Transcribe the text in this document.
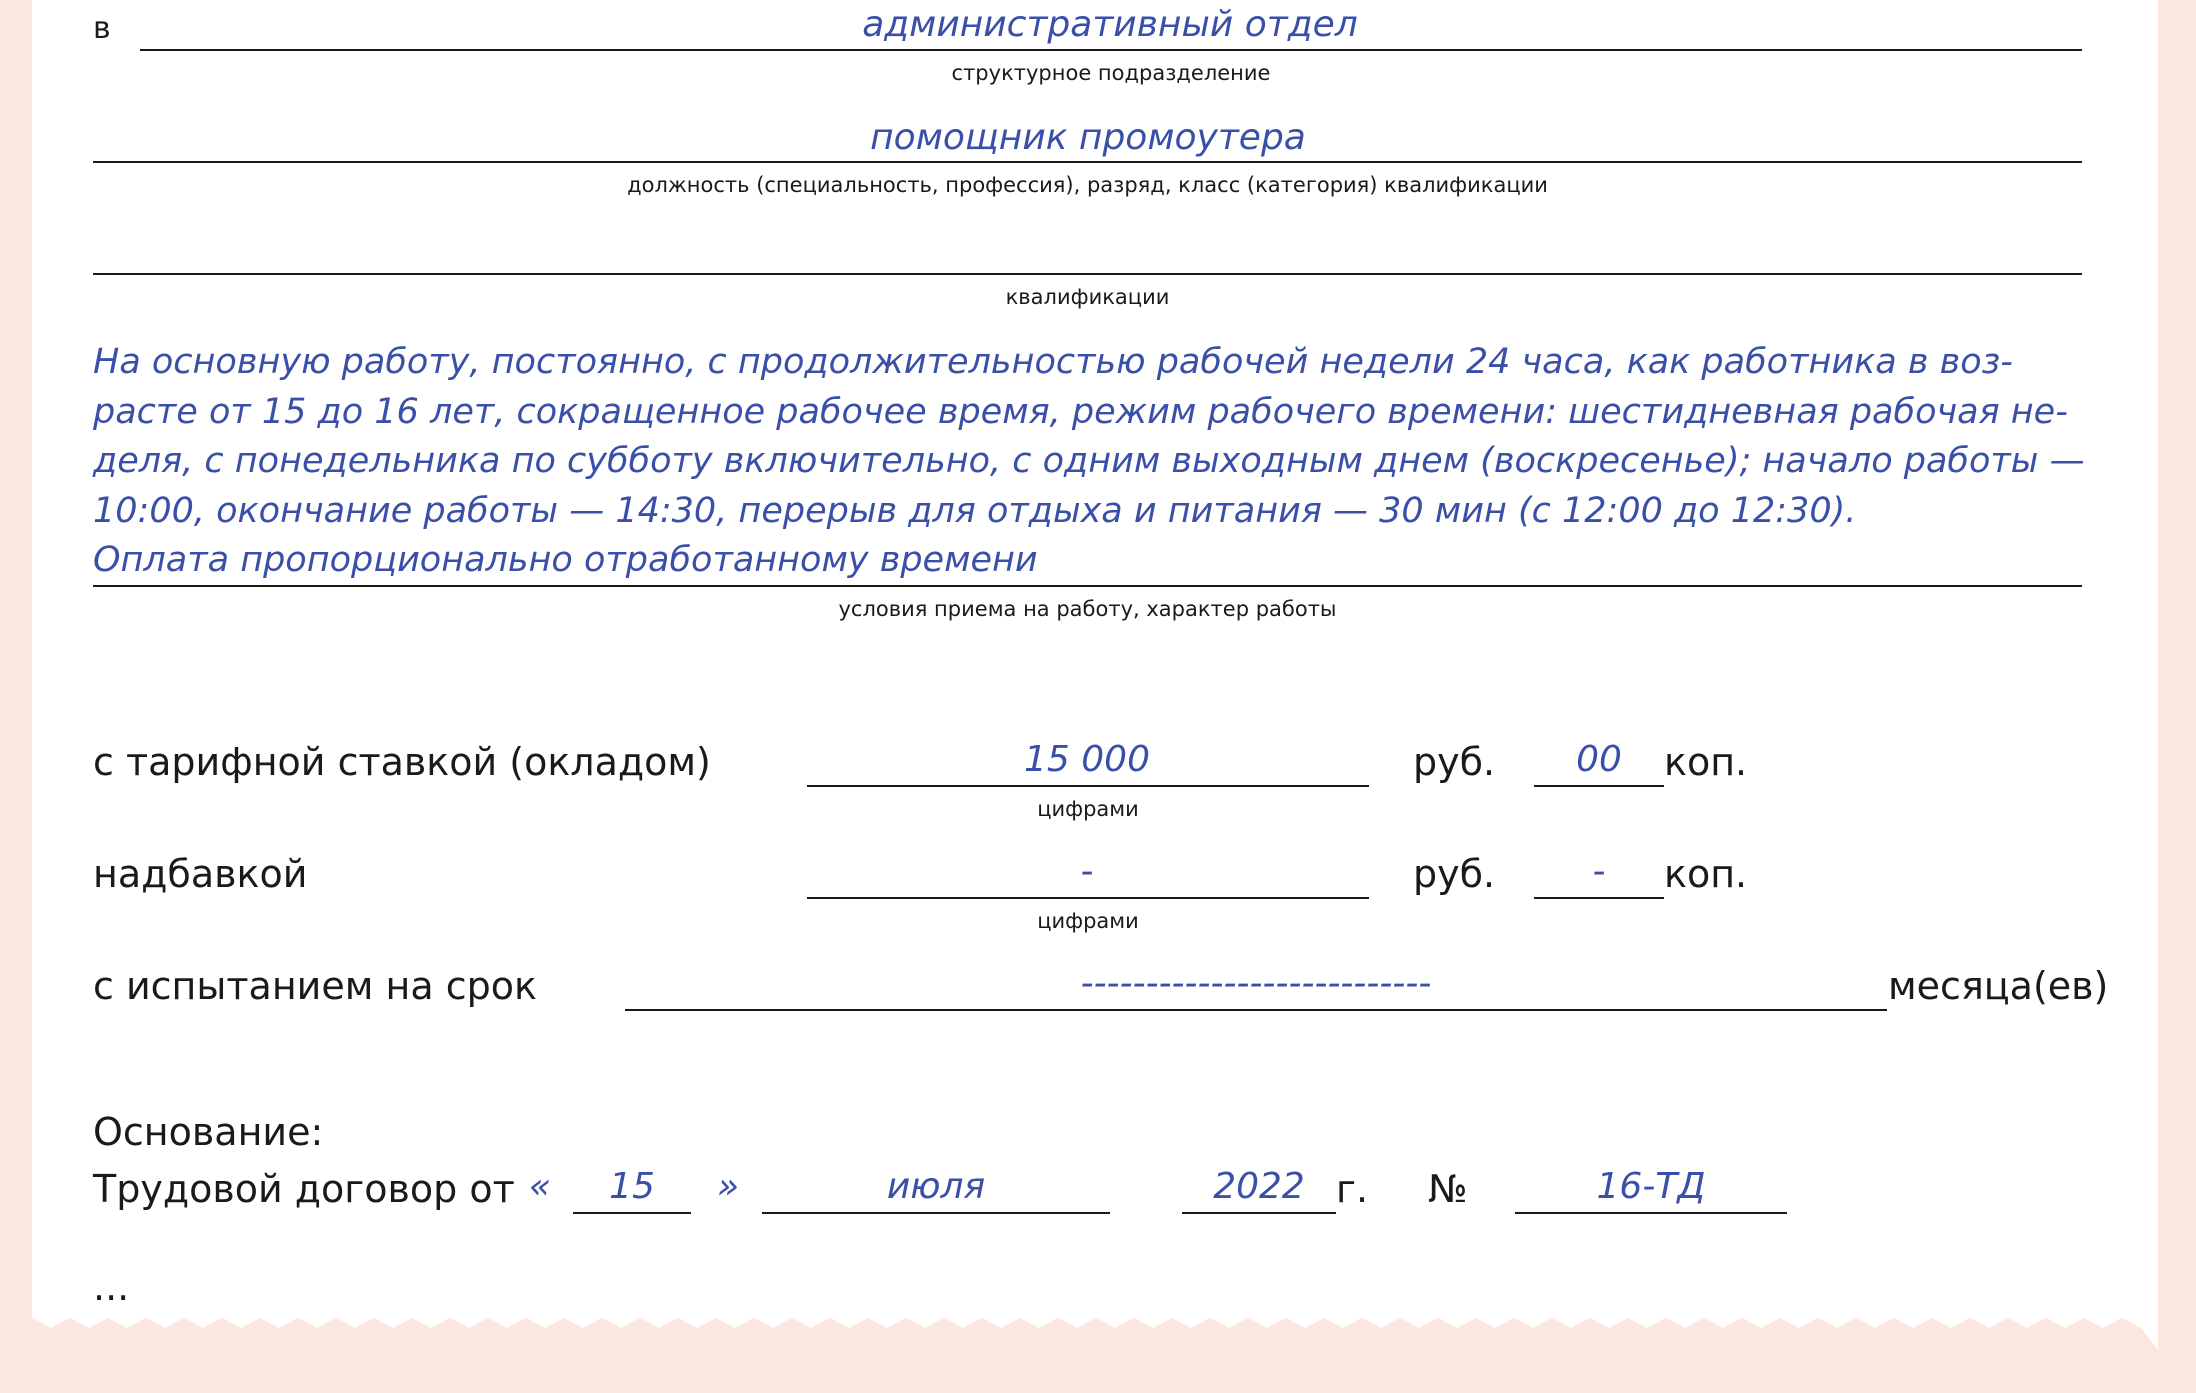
в	административный отдел
структурное подразделение
помощник промоутера
должность (специальность, профессия), разряд, класс (категория) квалификации
квалификации
На основную работу, постоянно, с продолжительностью рабочей недели 24 часа, как работника в воз-
расте от 15 до 16 лет, сокращенное рабочее время, режим рабочего времени: шестидневная рабочая не-
деля, с понедельника по субботу включительно, с одним выходным днем (воскресенье); начало работы —
10:00, окончание работы — 14:30, перерыв для отдыха и питания — 30 мин (с 12:00 до 12:30).
Оплата пропорционально отработанному времени
условия приема на работу, характер работы
с тарифной ставкой (окладом)	15 000
цифрами
руб.	00	коп.
надбавкой	-
цифрами
руб.	-	коп.
с испытанием на срок	---------------------------	месяца(ев)
Основание:
Трудовой договор от «	15	»	июля	2022 г. №	16-ТД
...
